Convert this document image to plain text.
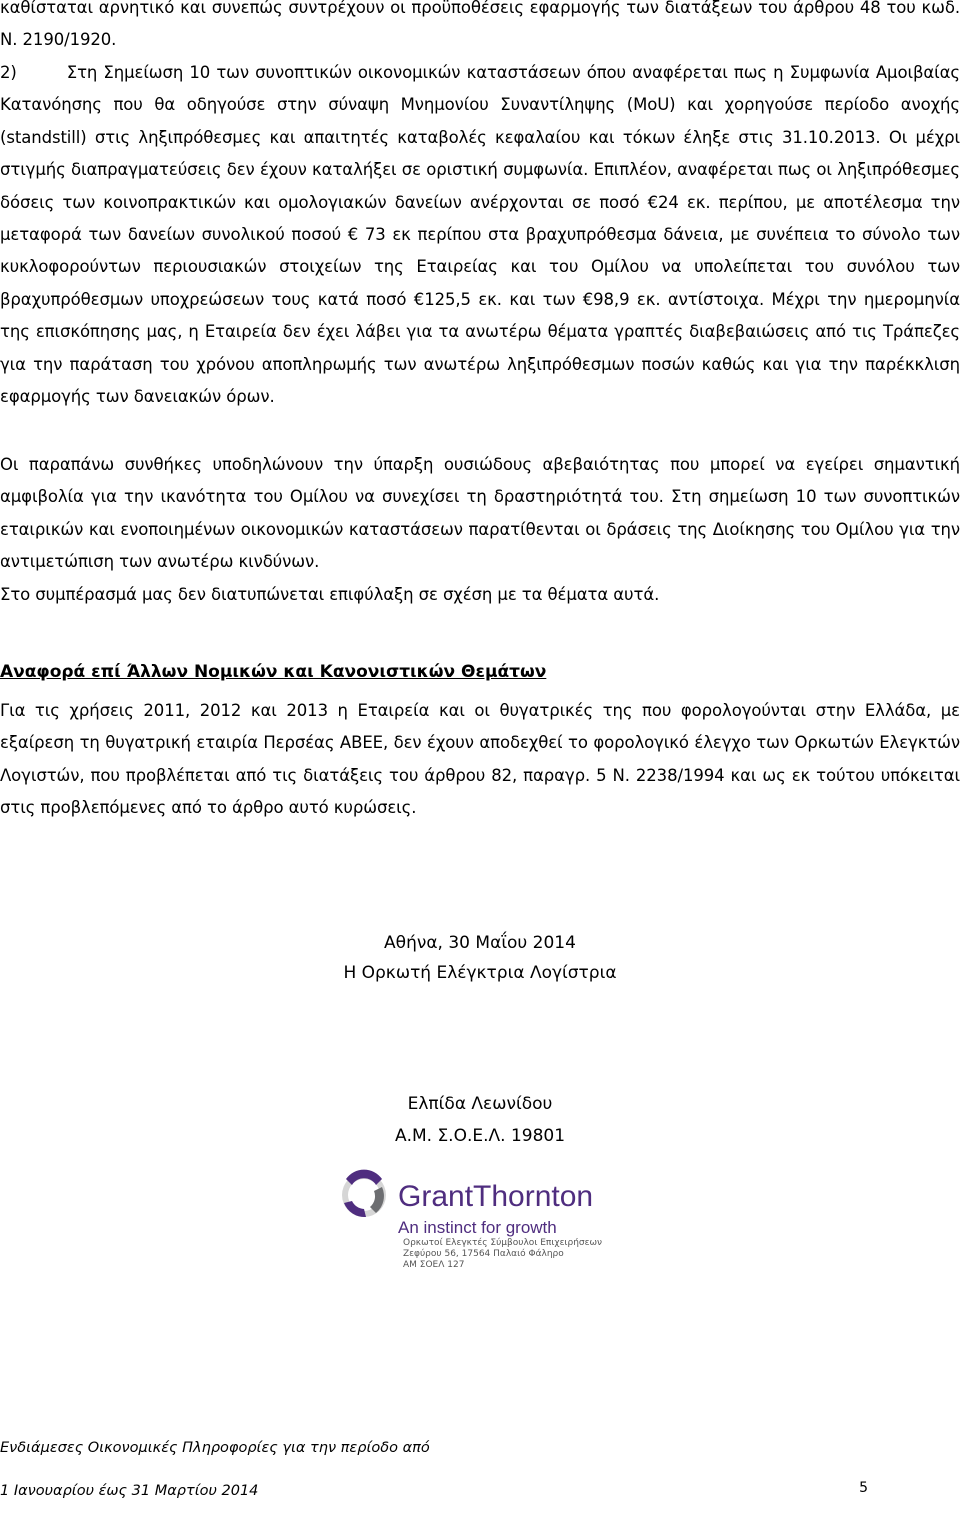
καθίσταται αρνητικό και συνεπώς συντρέχουν οι προϋποθέσεις εφαρμογής των διατάξεων του άρθρου 48 του κωδ. Ν. 2190/1920.

2)	Στη Σημείωση 10 των συνοπτικών οικονομικών καταστάσεων όπου αναφέρεται πως η Συμφωνία Αμοιβαίας Κατανόησης που θα οδηγούσε στην σύναψη Μνημονίου Συναντίληψης (MoU) και χορηγούσε περίοδο ανοχής (standstill) στις ληξιπρόθεσμες και απαιτητές καταβολές κεφαλαίου και τόκων έληξε στις 31.10.2013. Οι μέχρι στιγμής διαπραγματεύσεις δεν έχουν καταλήξει σε οριστική συμφωνία. Επιπλέον, αναφέρεται πως οι ληξιπρόθεσμες δόσεις των κοινοπρακτικών και ομολογιακών δανείων ανέρχονται σε ποσό €24 εκ. περίπου, με αποτέλεσμα την μεταφορά των δανείων συνολικού ποσού € 73 εκ περίπου στα βραχυπρόθεσμα δάνεια, με συνέπεια το σύνολο των κυκλοφορούντων περιουσιακών στοιχείων της Εταιρείας και του Ομίλου να υπολείπεται του συνόλου των βραχυπρόθεσμων υποχρεώσεων τους κατά ποσό €125,5 εκ. και των €98,9 εκ. αντίστοιχα. Μέχρι την ημερομηνία της επισκόπησης μας, η Εταιρεία δεν έχει λάβει για τα ανωτέρω θέματα γραπτές διαβεβαιώσεις από τις Τράπεζες για την παράταση του χρόνου αποπληρωμής των ανωτέρω ληξιπρόθεσμων ποσών καθώς και για την παρέκκλιση εφαρμογής των δανειακών όρων.

Οι παραπάνω συνθήκες υποδηλώνουν την ύπαρξη ουσιώδους αβεβαιότητας που μπορεί να εγείρει σημαντική αμφιβολία για την ικανότητα του Ομίλου να συνεχίσει τη δραστηριότητά του. Στη σημείωση 10 των συνοπτικών εταιρικών και ενοποιημένων οικονομικών καταστάσεων παρατίθενται οι δράσεις της Διοίκησης του Ομίλου για την αντιμετώπιση των ανωτέρω κινδύνων.

Στο συμπέρασμά μας δεν διατυπώνεται επιφύλαξη σε σχέση με τα θέματα αυτά.

Αναφορά επί Άλλων Νομικών και Κανονιστικών Θεμάτων

Για τις χρήσεις 2011, 2012 και 2013 η Εταιρεία και οι θυγατρικές της που φορολογούνται στην Ελλάδα, με εξαίρεση τη θυγατρική εταιρία Περσέας ΑΒΕΕ, δεν έχουν αποδεχθεί το φορολογικό έλεγχο των Ορκωτών Ελεγκτών Λογιστών, που προβλέπεται από τις διατάξεις του άρθρου 82, παραγρ. 5 Ν. 2238/1994 και ως εκ τούτου υπόκειται στις προβλεπόμενες από το άρθρο αυτό κυρώσεις.

Αθήνα, 30 Μαΐου 2014
Η Ορκωτή Ελέγκτρια Λογίστρια
Ελπίδα Λεωνίδου
Α.Μ. Σ.Ο.Ε.Λ. 19801
GrantThornton
An instinct for growth
Ορκωτοί Ελεγκτές Σύμβουλοι Επιχειρήσεων
Ζεφύρου 56, 17564 Παλαιό Φάληρο
ΑΜ ΣΟΕΛ 127
Ενδιάμεσες Οικονομικές Πληροφορίες για την περίοδο από
1 Ιανουαρίου έως 31 Μαρτίου 2014	5
